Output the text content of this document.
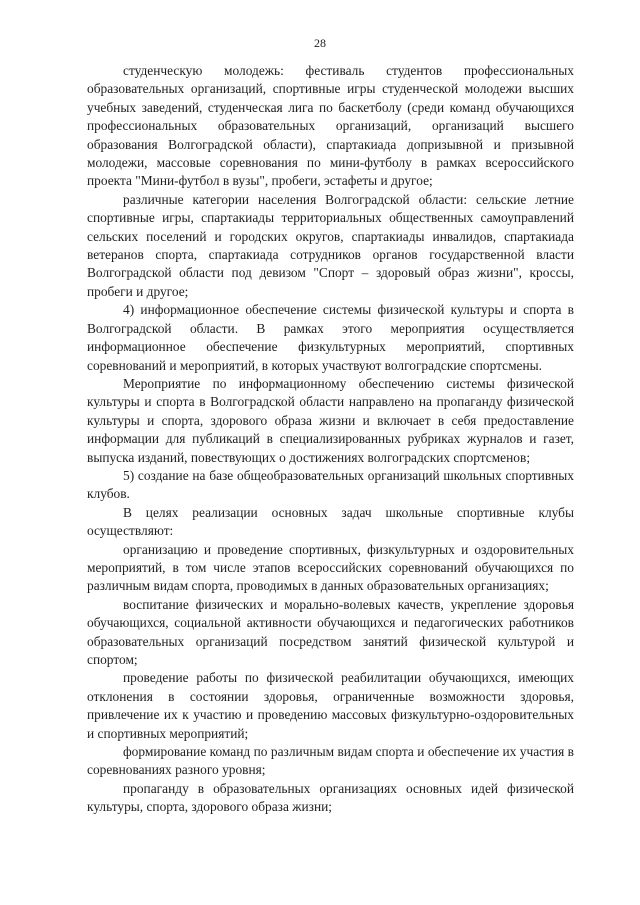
28

студенческую молодежь: фестиваль студентов профессиональных образовательных организаций, спортивные игры студенческой молодежи высших учебных заведений, студенческая лига по баскетболу (среди команд обучающихся профессиональных образовательных организаций, организаций высшего образования Волгоградской области), спартакиада допризывной и призывной молодежи, массовые соревнования по мини-футболу в рамках всероссийского проекта "Мини-футбол в вузы", пробеги, эстафеты и другое;

различные категории населения Волгоградской области: сельские летние спортивные игры, спартакиады территориальных общественных самоуправлений сельских поселений и городских округов, спартакиады инвалидов, спартакиада ветеранов спорта, спартакиада сотрудников органов государственной власти Волгоградской области под девизом "Спорт – здоровый образ жизни", кроссы, пробеги и другое;

4) информационное обеспечение системы физической культуры и спорта в Волгоградской области. В рамках этого мероприятия осуществляется информационное обеспечение физкультурных мероприятий, спортивных соревнований и мероприятий, в которых участвуют волгоградские спортсмены.

Мероприятие по информационному обеспечению системы физической культуры и спорта в Волгоградской области направлено на пропаганду физической культуры и спорта, здорового образа жизни и включает в себя предоставление информации для публикаций в специализированных рубриках журналов и газет, выпуска изданий, повествующих о достижениях волгоградских спортсменов;

5) создание на базе общеобразовательных организаций школьных спортивных клубов.

В целях реализации основных задач школьные спортивные клубы осуществляют:

организацию и проведение спортивных, физкультурных и оздоровительных мероприятий, в том числе этапов всероссийских соревнований обучающихся по различным видам спорта, проводимых в данных образовательных организациях;

воспитание физических и морально-волевых качеств, укрепление здоровья обучающихся, социальной активности обучающихся и педагогических работников образовательных организаций посредством занятий физической культурой и спортом;

проведение работы по физической реабилитации обучающихся, имеющих отклонения в состоянии здоровья, ограниченные возможности здоровья, привлечение их к участию и проведению массовых физкультурно-оздоровительных и спортивных мероприятий;

формирование команд по различным видам спорта и обеспечение их участия в соревнованиях разного уровня;

пропаганду в образовательных организациях основных идей физической культуры, спорта, здорового образа жизни;
